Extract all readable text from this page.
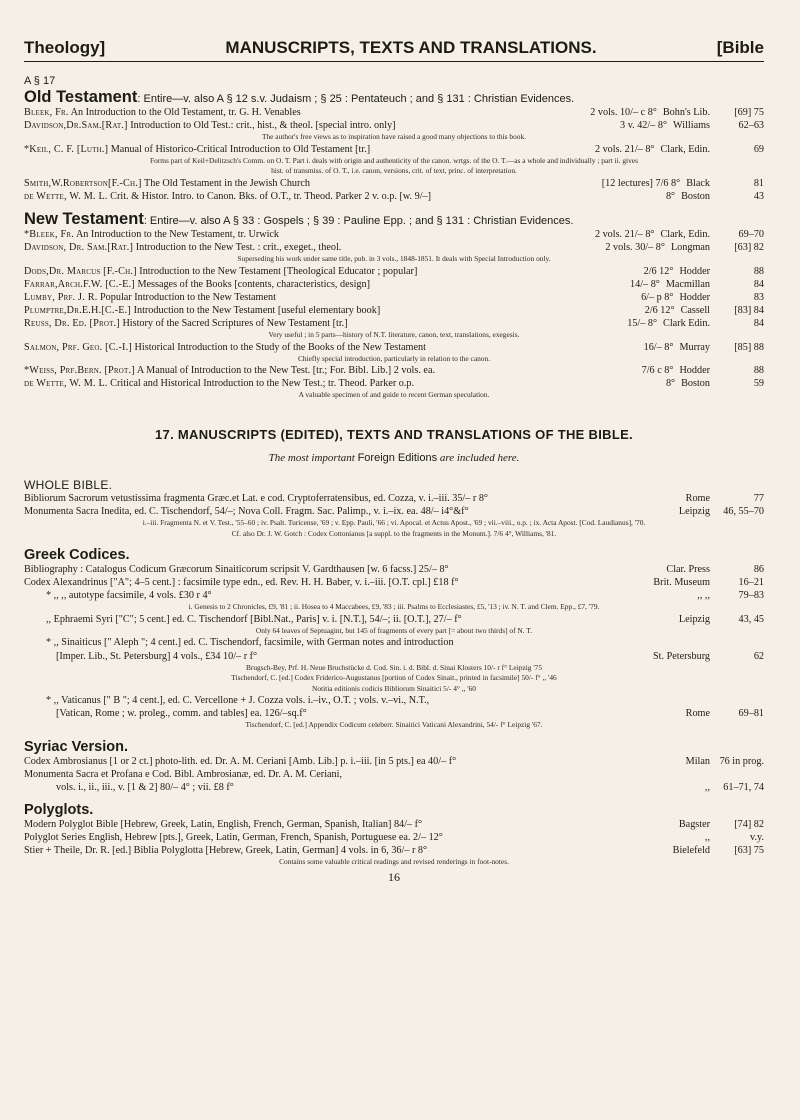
Theology]	MANUSCRIPTS, TEXTS AND TRANSLATIONS.	[Bible
A § 17
Old Testament: Entire—v. also A § 12 s.v. Judaism ; § 25 : Pentateuch ; and § 131 : Christian Evidences.
Bleek, Fr. An Introduction to the Old Testament, tr. G. H. Venables	2 vols. 10/– c 8° Bohn's Lib.	[69] 75
Davidson,Dr.Sam.[Rat.] Introduction to Old Test.: crit., hist., & theol. [special intro. only]	3 v. 42/– 8° Williams	62–63
The author's free views as to inspiration have raised a good many objections to this book.
*Keil, C. F. [Luth.] Manual of Historico-Critical Introduction to Old Testament [tr.]	2 vols. 21/– 8° Clark, Edin.	69
Forms part of Keil+Delitzsch's Comm. on O. T. Part i. deals with origin and authenticity of the canon. wrtgs. of the O. T.—as a whole and individually ; part ii. gives
hist. of transmiss. of O. T., i.e. canon, versions, crit. of text, princ. of interpretation.
Smith,W.Robertson[F.-Ch.] The Old Testament in the Jewish Church	[12 lectures] 7/6 8° Black	81
de Wette, W. M. L. Crit. & Histor. Intro. to Canon. Bks. of O.T., tr. Theod. Parker 2 v. o.p. [w. 9/–]	8° Boston	43
New Testament: Entire—v. also A § 33 : Gospels ; § 39 : Pauline Epp. ; and § 131 : Christian Evidences.
*Bleek, Fr. An Introduction to the New Testament, tr. Urwick	2 vols. 21/– 8° Clark, Edin.	69–70
Davidson, Dr. Sam.[Rat.] Introduction to the New Test. : crit., exeget., theol.	2 vols. 30/– 8° Longman	[63] 82
Superseding his work under same title, pub. in 3 vols., 1848-1851. It deals with Special Introduction only.
Dods,Dr. Marcus [F.-Ch.] Introduction to the New Testament [Theological Educator ; popular]	2/6 12° Hodder	88
Farrar,Arch.F.W. [C.-E.] Messages of the Books [contents, characteristics, design]	14/– 8° Macmillan	84
Lumby, Prf. J. R. Popular Introduction to the New Testament	6/– p 8° Hodder	83
Plumptre,Dr.E.H.[C.-E.] Introduction to the New Testament [useful elementary book]	2/6 12° Cassell	[83] 84
Reuss, Dr. Ed. [Prot.] History of the Sacred Scriptures of New Testament [tr.]	15/– 8° Clark Edin.	84
Very useful ; in 5 parts—history of N.T. literature, canon, text, translations, exegesis.
Salmon, Prf. Geo. [C.-I.] Historical Introduction to the Study of the Books of the New Testament	16/– 8° Murray	[85] 88
Chiefly special introduction, particularly in relation to the canon.
*Weiss, Prf.Bern. [Prot.] A Manual of Introduction to the New Test. [tr.; For. Bibl. Lib.] 2 vols. ea.	7/6 c 8° Hodder	88
de Wette, W. M. L. Critical and Historical Introduction to the New Test.; tr. Theod. Parker o.p.	8° Boston	59
A valuable specimen of and guide to recent German speculation.
17. MANUSCRIPTS (EDITED), TEXTS AND TRANSLATIONS OF THE BIBLE.
The most important Foreign Editions are included here.
WHOLE BIBLE.
Bibliorum Sacrorum vetustissima fragmenta Græc.et Lat. e cod. Cryptoferratensibus, ed. Cozza, v. i.–iii. 35/– r 8°	Rome	77
Monumenta Sacra Inedita, ed. C. Tischendorf, 54/–; Nova Coll. Fragm. Sac. Palimp., v. i.–ix. ea. 48/– i4°&f°	Leipzig	46, 55–70
i.–iii. Fragmenta N. et V. Test., '55–60 ; iv. Psalt. Turicense, '69 ; v. Epp. Pauli, '66 ; vi. Apocal. et Actus Apost., '69 ; vii.–viii., o.p. ; ix. Acta Apost. [Cod. Laudianus], '70.
Cf. also Dr. J. W. Gotch : Codex Cottonianus [a suppl. to the fragments in the Monum.]. 7/6 4°, Williams, '81.
Greek Codices.
Bibliography : Catalogus Codicum Græcorum Sinaiticorum scripsit V. Gardthausen [w. 6 facss.] 25/– 8°	Clar. Press	86
Codex Alexandrinus ["A"; 4–5 cent.] : facsimile type edn., ed. Rev. H. H. Baber, v. i.–iii. [O.T. cpl.] £18 f°	Brit. Museum	16–21
* ,, ,, autotype facsimile, 4 vols. £30 r 4°	,, ,,	79–83
i. Genesis to 2 Chronicles, £9, '81 ; ii. Hosea to 4 Maccabees, £9, '83 ; iii. Psalms to Ecclesiastes, £5, '13 ; iv. N. T. and Clem. Epp., £7, '79.
,, Ephraemi Syri ["C"; 5 cent.] ed. C. Tischendorf [Bibl.Nat., Paris] v. i. [N.T.], 54/–; ii. [O.T.], 27/– f°	Leipzig	43, 45
Only 64 leaves of Septuagint, but 145 of fragments of every part [= about two thirds] of N. T.
* ,, Sinaiticus [" Aleph "; 4 cent.] ed. C. Tischendorf, facsimile, with German notes and introduction
[Imper. Lib., St. Petersburg] 4 vols., £34 10/– r f°	St. Petersburg	62
Brugsch-Bey, Prf. H. Neue Bruchstücke d. Cod. Sin. i. d. Bibl. d. Sinai Klosters 10/- r f° Leipzig '75
Tischendorf, C. [ed.] Codex Friderico-Augustanus [portion of Codex Sinait., printed in facsimile] 50/- f° ,, '46
Notitia editionis codicis Bibliorum Sinaitici 5/- 4° ,, '60
* ,, Vaticanus [" B "; 4 cent.], ed. C. Vercellone + J. Cozza vols. i.–iv., O.T. ; vols. v.–vi., N.T.,
[Vatican, Rome ; w. proleg., comm. and tables] ea. 126/–sq.f°	Rome	69–81
Tischendorf, C. [ed.] Appendix Codicum celeberr. Sinaitici Vaticani Alexandrini, 54/- f° Leipzig '67.
Syriac Version.
Codex Ambrosianus [1 or 2 ct.] photo-lith. ed. Dr. A. M. Ceriani [Amb. Lib.] p. i.–iii. [in 5 pts.] ea 40/– f°	Milan 76 in prog.
Monumenta Sacra et Profana e Cod. Bibl. Ambrosianæ, ed. Dr. A. M. Ceriani,
vols. i., ii., iii., v. [1 & 2] 80/– 4° ; vii. £8 f°	,,	61–71, 74
Polyglots.
Modern Polyglot Bible [Hebrew, Greek, Latin, English, French, German, Spanish, Italian] 84/– f°	Bagster	[74] 82
Polyglot Series English, Hebrew [pts.], Greek, Latin, German, French, Spanish, Portuguese ea. 2/– 12°	,,	v.y.
Stier + Theile, Dr. R. [ed.] Biblia Polyglotta [Hebrew, Greek, Latin, German] 4 vols. in 6, 36/– r 8°	Bielefeld	[63] 75
Contains some valuable critical readings and revised renderings in foot-notes.
16
